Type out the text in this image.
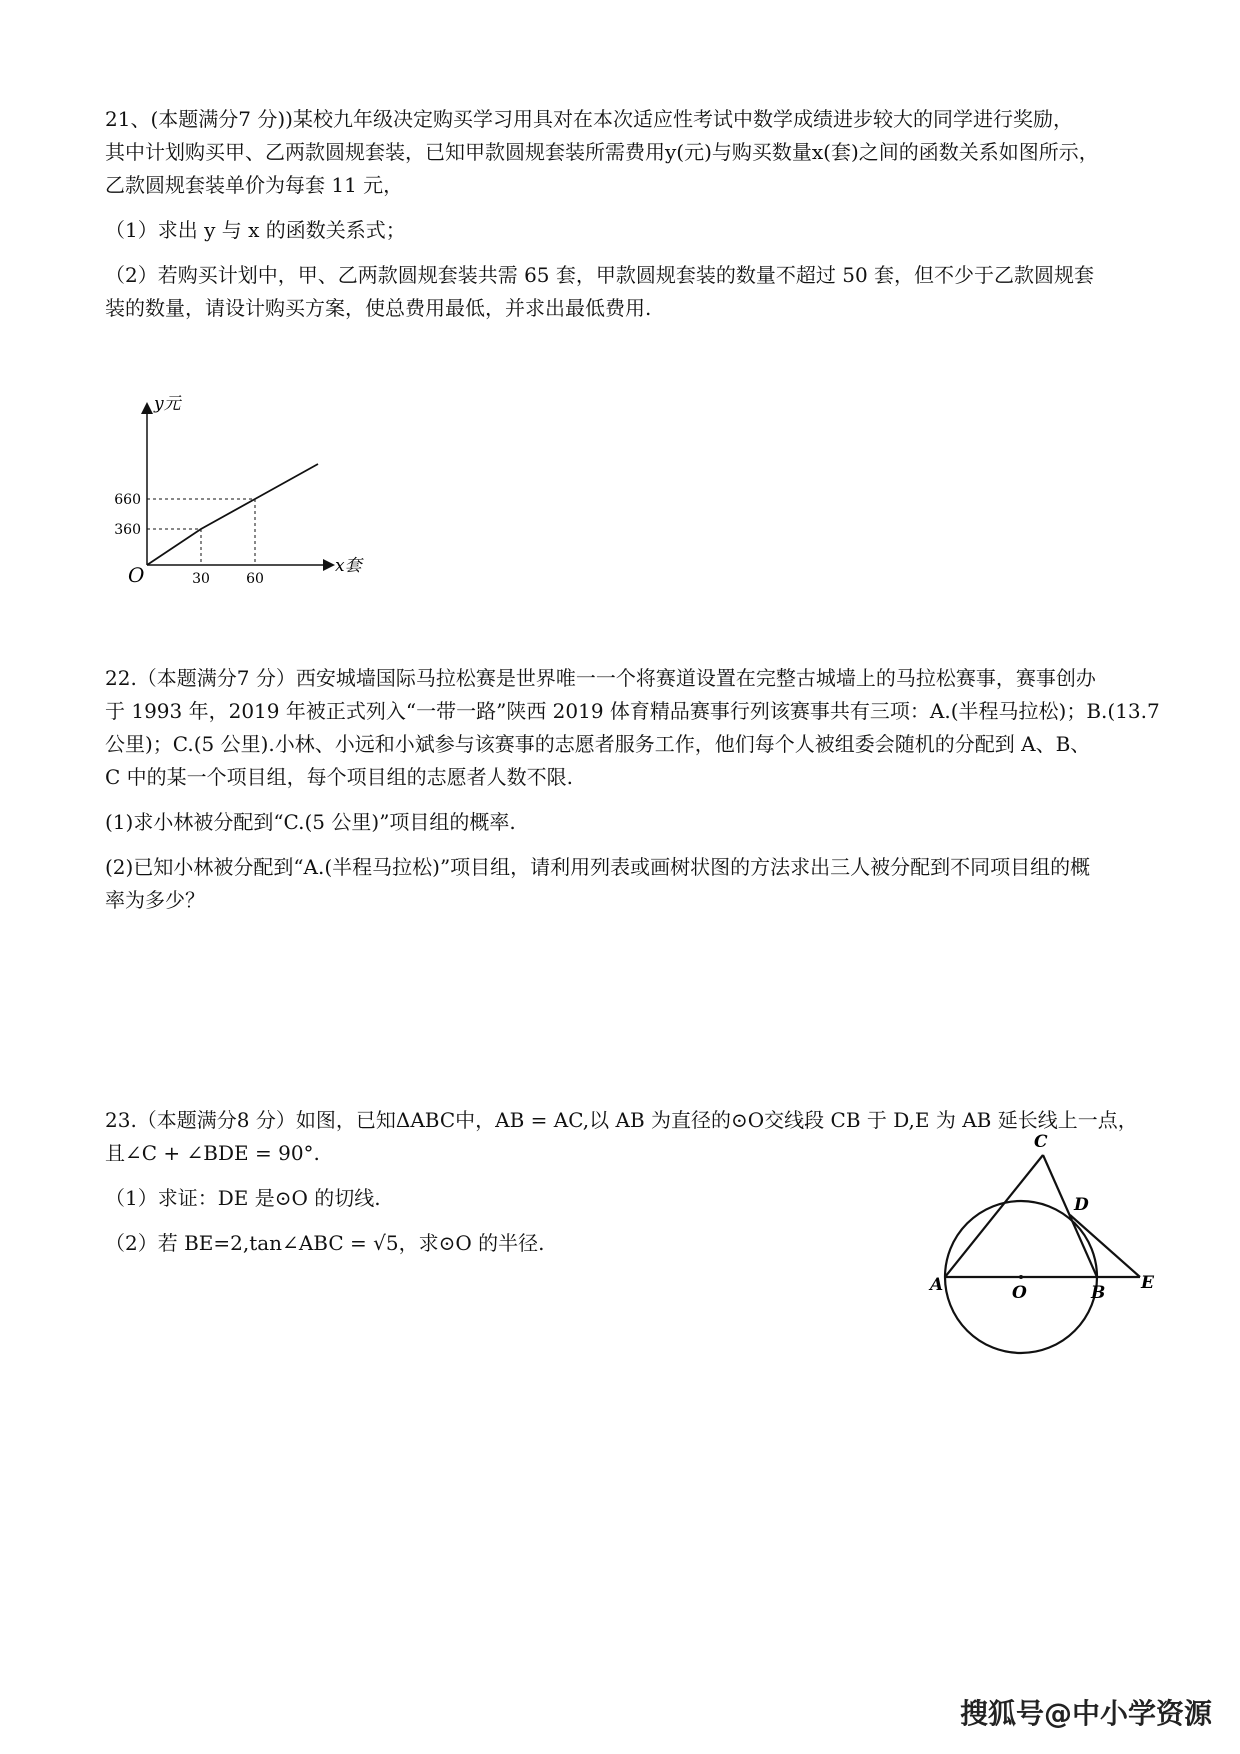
21、(本题满分7 分))某校九年级决定购买学习用具对在本次适应性考试中数学成绩进步较大的同学进行奖励，
其中计划购买甲、乙两款圆规套装，已知甲款圆规套装所需费用y(元)与购买数量x(套)之间的函数关系如图所示，
乙款圆规套装单价为每套 11 元，
（1）求出 y 与 x 的函数关系式；
（2）若购买计划中，甲、乙两款圆规套装共需 65 套，甲款圆规套装的数量不超过 50 套，但不少于乙款圆规套
装的数量，请设计购买方案，使总费用最低，并求出最低费用.
O
y元
x套
30	60
360
660
22.（本题满分7 分）西安城墙国际马拉松赛是世界唯一一个将赛道设置在完整古城墙上的马拉松赛事，赛事创办
于 1993 年，2019 年被正式列入“一带一路”陕西 2019 体育精品赛事行列该赛事共有三项：A.(半程马拉松)；B.(13.7
公里)；C.(5 公里).小林、小远和小斌参与该赛事的志愿者服务工作，他们每个人被组委会随机的分配到 A、B、
C 中的某一个项目组，每个项目组的志愿者人数不限.
(1)求小林被分配到“C.(5 公里)”项目组的概率.
(2)已知小林被分配到“A.(半程马拉松)”项目组，请利用列表或画树状图的方法求出三人被分配到不同项目组的概
率为多少？
23.（本题满分8 分）如图，已知ΔABC中，AB = AC,以 AB 为直径的⊙O交线段 CB 于 D,E 为 AB 延长线上一点，
且∠C + ∠BDE = 90°.
（1）求证：DE 是⊙O 的切线.
（2）若 BE=2,tan∠ABC = √5，求⊙O 的半径.
A	O	B E
C
D
搜狐号@中小学资源
